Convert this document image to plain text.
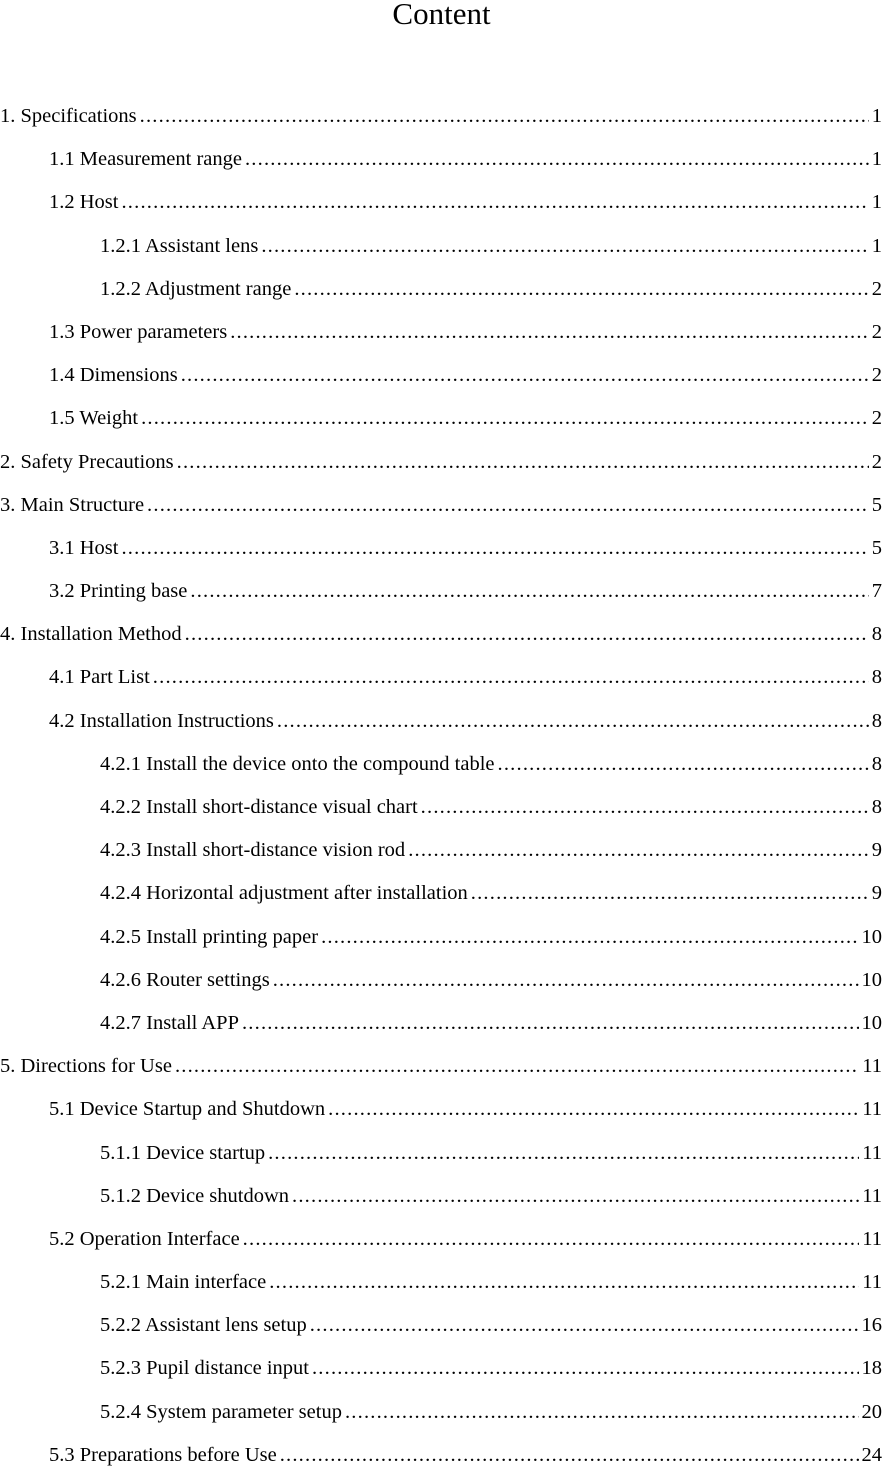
Content
1. Specifications .....	1
1.1 Measurement range .....	1
1.2 Host .....	1
1.2.1 Assistant lens .....	1
1.2.2 Adjustment range .....	2
1.3 Power parameters .....	2
1.4 Dimensions .....	2
1.5 Weight .....	2
2. Safety Precautions .....	2
3. Main Structure .....	5
3.1 Host .....	5
3.2 Printing base .....	7
4. Installation Method .....	8
4.1 Part List .....	8
4.2 Installation Instructions .....	8
4.2.1 Install the device onto the compound table .....	8
4.2.2 Install short-distance visual chart .....	8
4.2.3 Install short-distance vision rod .....	9
4.2.4 Horizontal adjustment after installation .....	9
4.2.5 Install printing paper .....	10
4.2.6 Router settings .....	10
4.2.7 Install APP .....	10
5. Directions for Use .....	11
5.1 Device Startup and Shutdown .....	11
5.1.1 Device startup .....	11
5.1.2 Device shutdown .....	11
5.2 Operation Interface .....	11
5.2.1 Main interface .....	11
5.2.2 Assistant lens setup .....	16
5.2.3 Pupil distance input .....	18
5.2.4 System parameter setup .....	20
5.3 Preparations before Use .....	24
